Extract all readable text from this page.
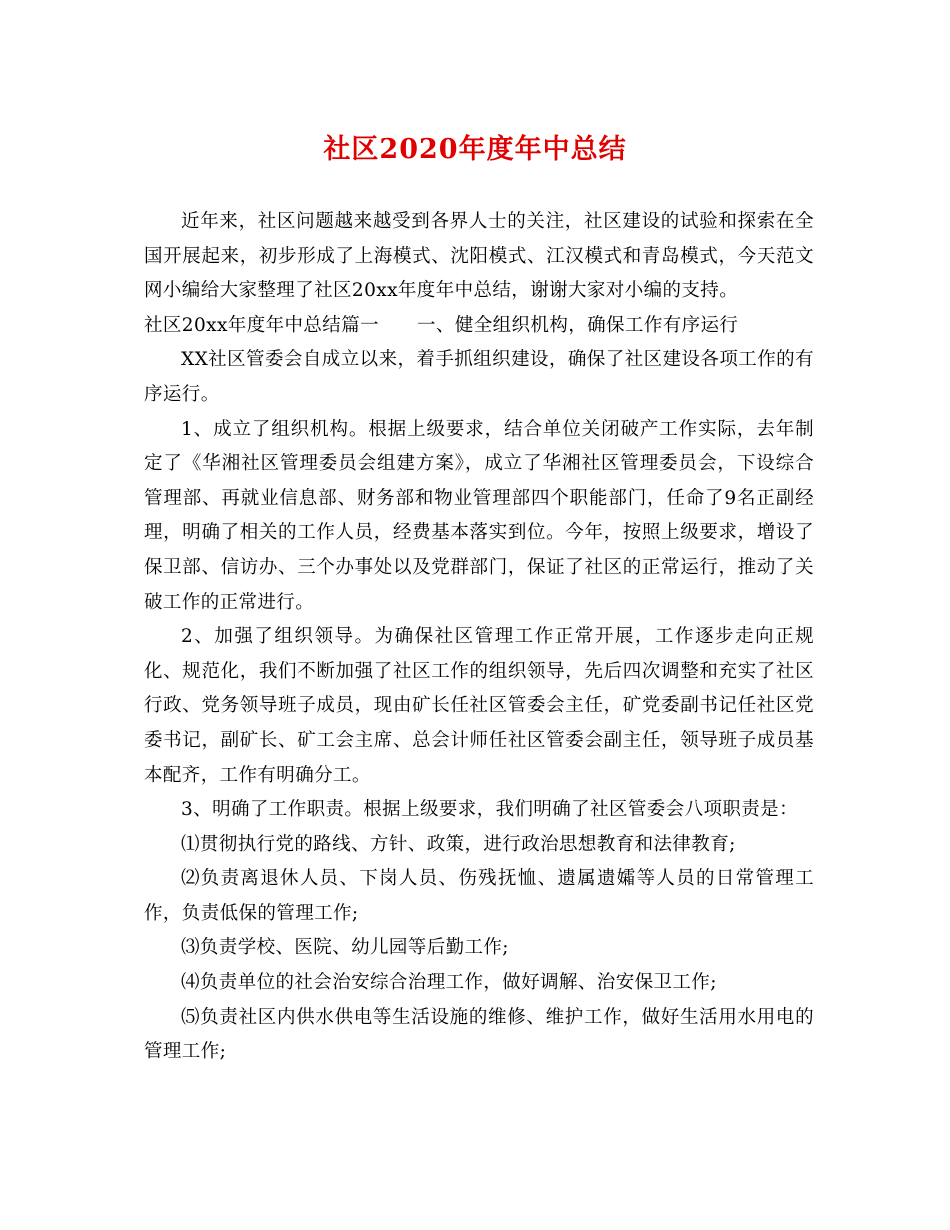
社区2020年度年中总结

近年来，社区问题越来越受到各界人士的关注，社区建设的试验和探索在全国开展起来，初步形成了上海模式、沈阳模式、江汉模式和青岛模式，今天范文网小编给大家整理了社区20xx年度年中总结，谢谢大家对小编的支持。

社区20xx年度年中总结篇一 一、健全组织机构，确保工作有序运行

XX社区管委会自成立以来，着手抓组织建设，确保了社区建设各项工作的有序运行。

1、成立了组织机构。根据上级要求，结合单位关闭破产工作实际，去年制定了《华湘社区管理委员会组建方案》，成立了华湘社区管理委员会，下设综合管理部、再就业信息部、财务部和物业管理部四个职能部门，任命了9名正副经理，明确了相关的工作人员，经费基本落实到位。今年，按照上级要求，增设了保卫部、信访办、三个办事处以及党群部门，保证了社区的正常运行，推动了关破工作的正常进行。

2、加强了组织领导。为确保社区管理工作正常开展，工作逐步走向正规化、规范化，我们不断加强了社区工作的组织领导，先后四次调整和充实了社区行政、党务领导班子成员，现由矿长任社区管委会主任，矿党委副书记任社区党委书记，副矿长、矿工会主席、总会计师任社区管委会副主任，领导班子成员基本配齐，工作有明确分工。

3、明确了工作职责。根据上级要求，我们明确了社区管委会八项职责是：

⑴贯彻执行党的路线、方针、政策，进行政治思想教育和法律教育;

⑵负责离退休人员、下岗人员、伤残抚恤、遗属遗孀等人员的日常管理工作，负责低保的管理工作;

⑶负责学校、医院、幼儿园等后勤工作;

⑷负责单位的社会治安综合治理工作，做好调解、治安保卫工作;

⑸负责社区内供水供电等生活设施的维修、维护工作，做好生活用水用电的管理工作;
